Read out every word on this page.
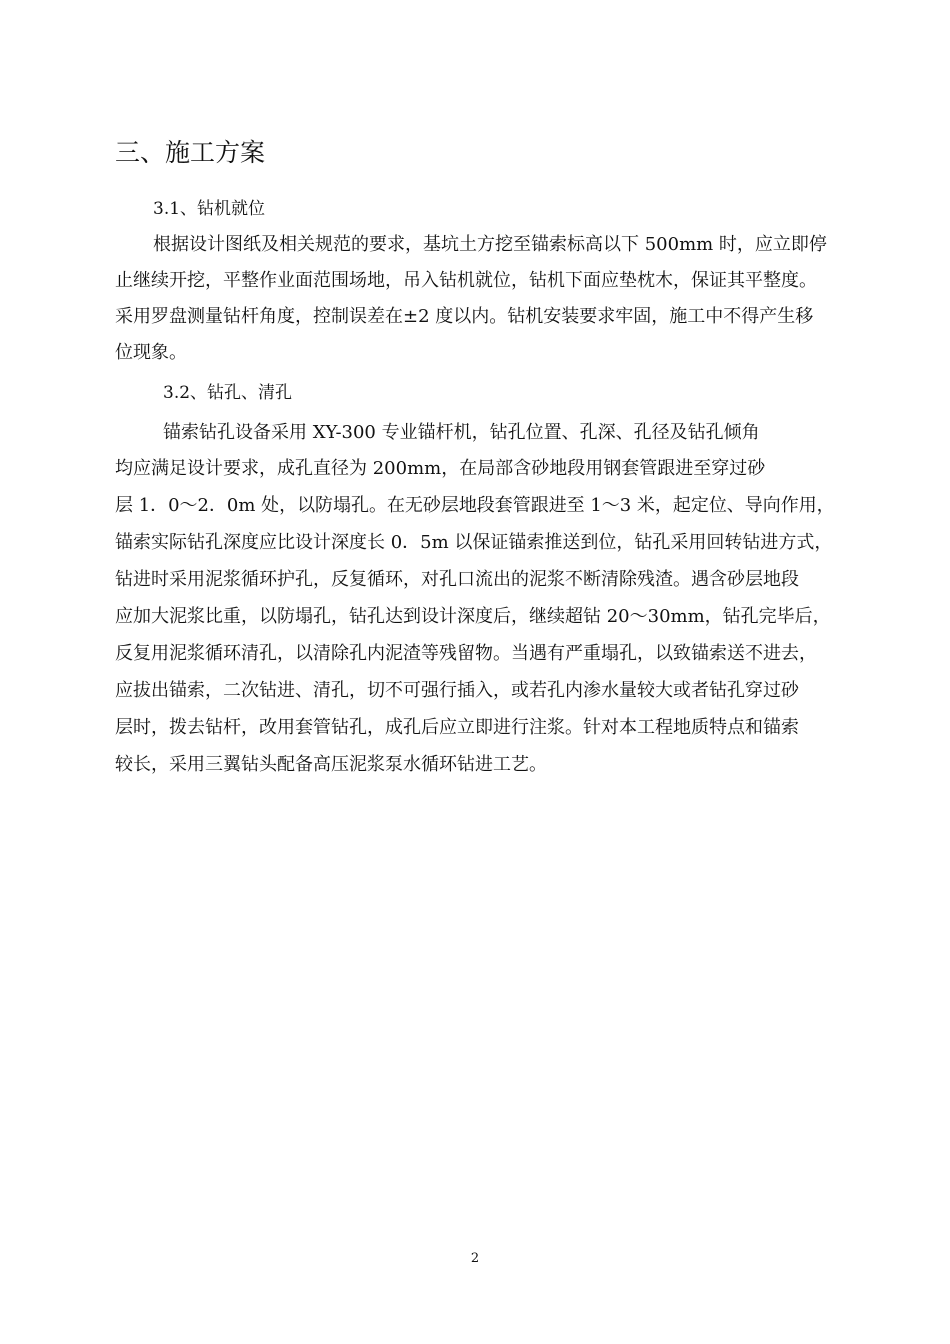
三、施工方案
3.1、钻机就位
根据设计图纸及相关规范的要求，基坑土方挖至锚索标高以下 500mm 时，应立即停
止继续开挖，平整作业面范围场地，吊入钻机就位，钻机下面应垫枕木，保证其平整度。
采用罗盘测量钻杆角度，控制误差在±2 度以内。钻机安装要求牢固，施工中不得产生移
位现象。
3.2、钻孔、清孔
锚索钻孔设备采用 XY-300 专业锚杆机，钻孔位置、孔深、孔径及钻孔倾角
均应满足设计要求，成孔直径为 200mm，在局部含砂地段用钢套管跟进至穿过砂
层 1．0～2．0m 处，以防塌孔。在无砂层地段套管跟进至 1～3 米，起定位、导向作用，
锚索实际钻孔深度应比设计深度长 0．5m 以保证锚索推送到位，钻孔采用回转钻进方式，
钻进时采用泥浆循环护孔，反复循环，对孔口流出的泥浆不断清除残渣。遇含砂层地段
应加大泥浆比重，以防塌孔，钻孔达到设计深度后，继续超钻 20～30mm，钻孔完毕后，
反复用泥浆循环清孔，以清除孔内泥渣等残留物。当遇有严重塌孔，以致锚索送不进去，
应拔出锚索，二次钻进、清孔，切不可强行插入，或若孔内渗水量较大或者钻孔穿过砂
层时，拨去钻杆，改用套管钻孔，成孔后应立即进行注浆。针对本工程地质特点和锚索
较长，采用三翼钻头配备高压泥浆泵水循环钻进工艺。
2
